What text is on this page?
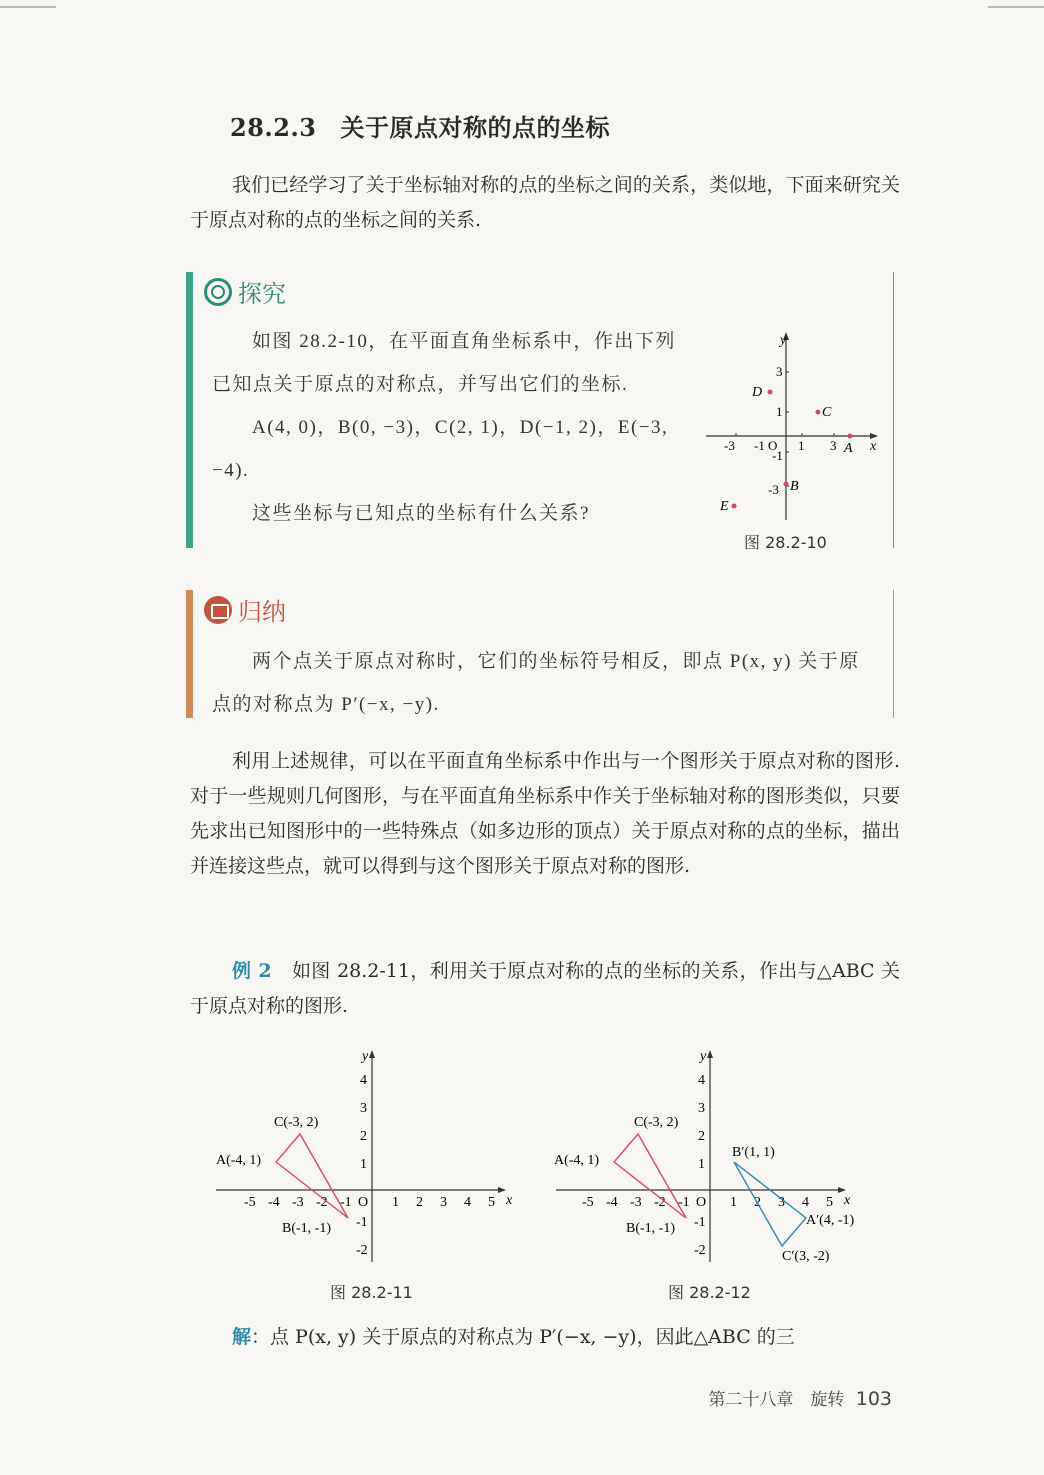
28.2.3 关于原点对称的点的坐标
我们已经学习了关于坐标轴对称的点的坐标之间的关系，类似地，下面来研究关于原点对称的点的坐标之间的关系.
探究
如图 28.2-10，在平面直角坐标系中，作出下列已知点关于原点的对称点，并写出它们的坐标.
A(4, 0)，B(0, −3)，C(2, 1)，D(−1, 2)，E(−3, −4).
这些坐标与已知点的坐标有什么关系?
y
x
-3 -1 O 1 3
3
1
-1
-3
D
C
A
B
E
图 28.2-10
归纳
两个点关于原点对称时，它们的坐标符号相反，即点 P(x, y) 关于原点的对称点为 P′(−x, −y).
利用上述规律，可以在平面直角坐标系中作出与一个图形关于原点对称的图形. 对于一些规则几何图形，与在平面直角坐标系中作关于坐标轴对称的图形类似，只要先求出已知图形中的一些特殊点（如多边形的顶点）关于原点对称的点的坐标，描出并连接这些点，就可以得到与这个图形关于原点对称的图形.
例 2 如图 28.2-11，利用关于原点对称的点的坐标的关系，作出与△ABC 关于原点对称的图形.
y
x
-5 -4 -3 -2 -1 O 1 2 3 4 5
4
3
2
1
-1
-2
A(-4, 1)
C(-3, 2)
B(-1, -1)
图 28.2-11
y
x
-5 -4 -3 -2 -1 O 1 2 3 4 5
4
3
2
1
-1
-2
A(-4, 1)
C(-3, 2)
B(-1, -1)
B′(1, 1)
A′(4, -1)
C′(3, -2)
图 28.2-12
解：点 P(x, y) 关于原点的对称点为 P′(−x, −y)，因此△ABC 的三
第二十八章　旋转 103
